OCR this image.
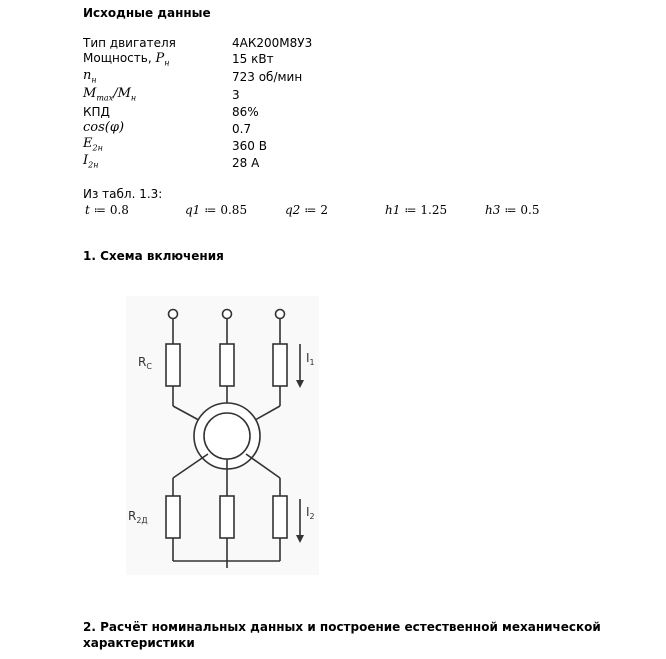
Исходные данные
Тип двигателя	4АК200М8У3
Мощность, $P_н$	15 кВт
$n_н$	723 об/мин
$M_{max}/M_н$	3
КПД	86%
cos(φ)	0.7
$E_{2н}$	360 В
$I_{2н}$	28 А
Из табл. 1.3:
t ≔ 0.8	q1 ≔ 0.85	q2 ≔ 2	h1 ≔ 1.25	h3 ≔ 0.5
1. Схема включения
$R_C$
$I_1$
$R_{2Д}$
$I_2$
2. Расчёт номинальных данных и построение естественной механической
характеристики
